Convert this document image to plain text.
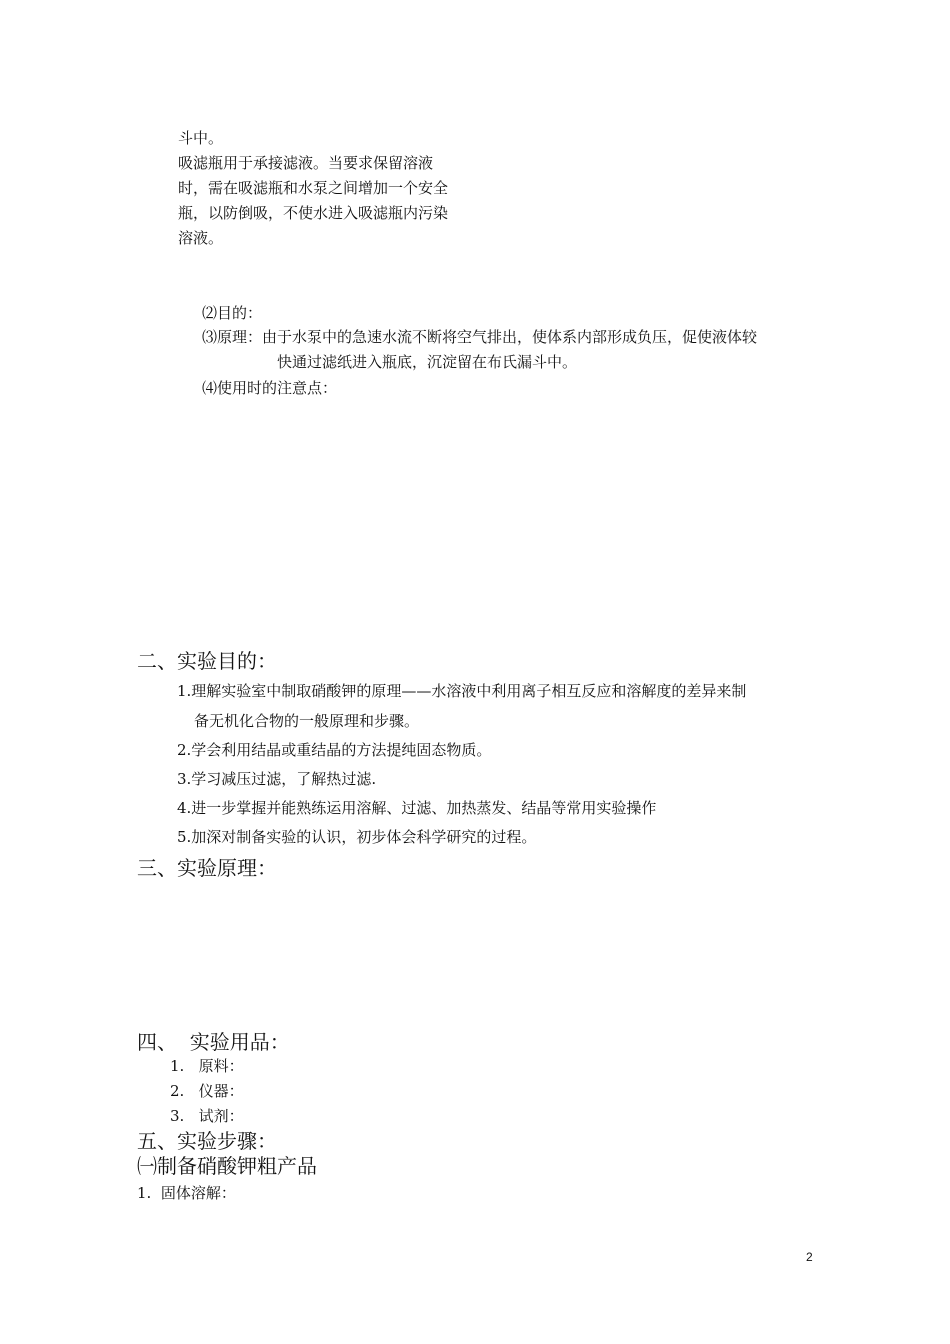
斗中。
吸滤瓶用于承接滤液。当要求保留溶液
时，需在吸滤瓶和水泵之间增加一个安全
瓶，以防倒吸，不使水进入吸滤瓶内污染
溶液。
⑵目的：
⑶原理：由于水泵中的急速水流不断将空气排出，使体系内部形成负压，促使液体较
快通过滤纸进入瓶底，沉淀留在布氏漏斗中。
⑷使用时的注意点：
二、实验目的：
1.理解实验室中制取硝酸钾的原理——水溶液中利用离子相互反应和溶解度的差异来制
备无机化合物的一般原理和步骤。
2.学会利用结晶或重结晶的方法提纯固态物质。
3.学习减压过滤，了解热过滤.
4.进一步掌握并能熟练运用溶解、过滤、加热蒸发、结晶等常用实验操作
5.加深对制备实验的认识，初步体会科学研究的过程。
三、实验原理：
四、  实验用品：
1.   原料：
2.   仪器：
3.   试剂：
五、实验步骤：
㈠制备硝酸钾粗产品
1.  固体溶解：
2
